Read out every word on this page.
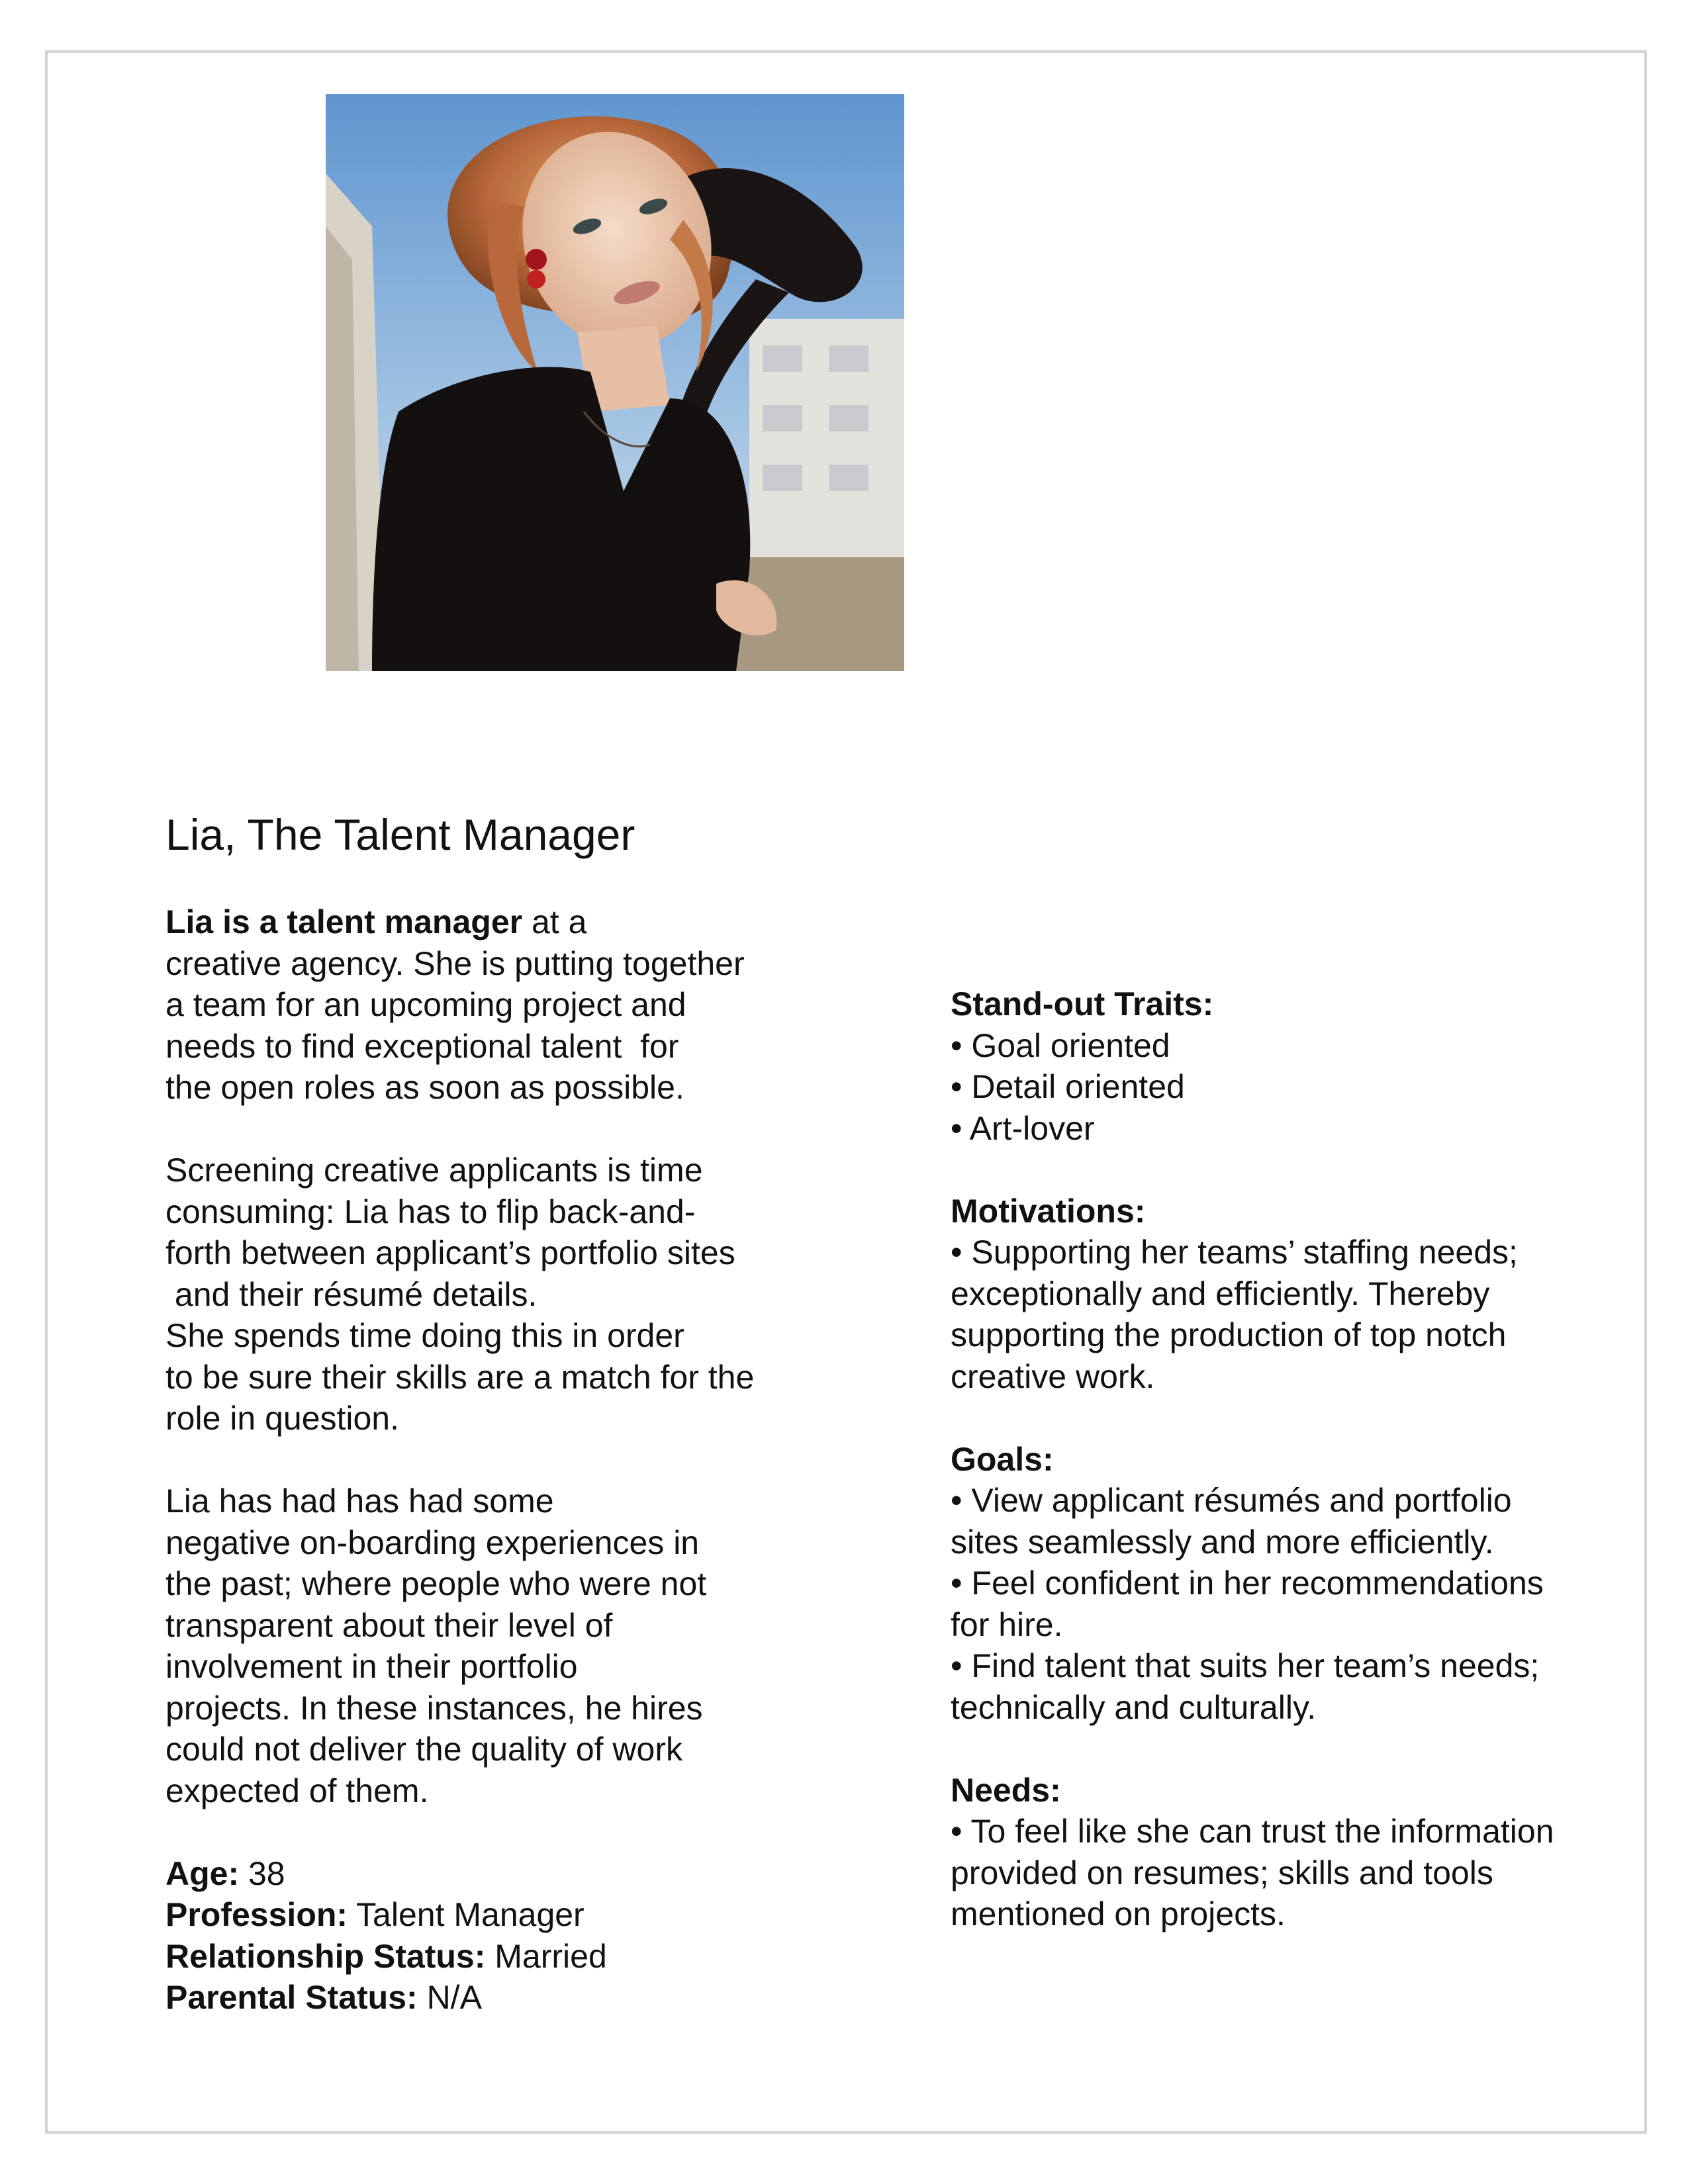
Lia, The Talent Manager
Lia is a talent manager at a
creative agency. She is putting together
a team for an upcoming project and
needs to find exceptional talent  for
the open roles as soon as possible.
Screening creative applicants is time
consuming: Lia has to flip back-and-
forth between applicant’s portfolio sites
and their résumé details.
She spends time doing this in order
to be sure their skills are a match for the
role in question.
Lia has had has had some
negative on-boarding experiences in
the past; where people who were not
transparent about their level of
involvement in their portfolio
projects. In these instances, he hires
could not deliver the quality of work
expected of them.
Age: 38
Profession: Talent Manager
Relationship Status: Married
Parental Status: N/A
Stand-out Traits:
• Goal oriented
• Detail oriented
• Art-lover
Motivations:
• Supporting her teams’ staffing needs;
exceptionally and efficiently. Thereby
supporting the production of top notch
creative work.
Goals:
• View applicant résumés and portfolio
sites seamlessly and more efficiently.
• Feel confident in her recommendations
for hire.
• Find talent that suits her team’s needs;
technically and culturally.
Needs:
• To feel like she can trust the information
provided on resumes; skills and tools
mentioned on projects.
